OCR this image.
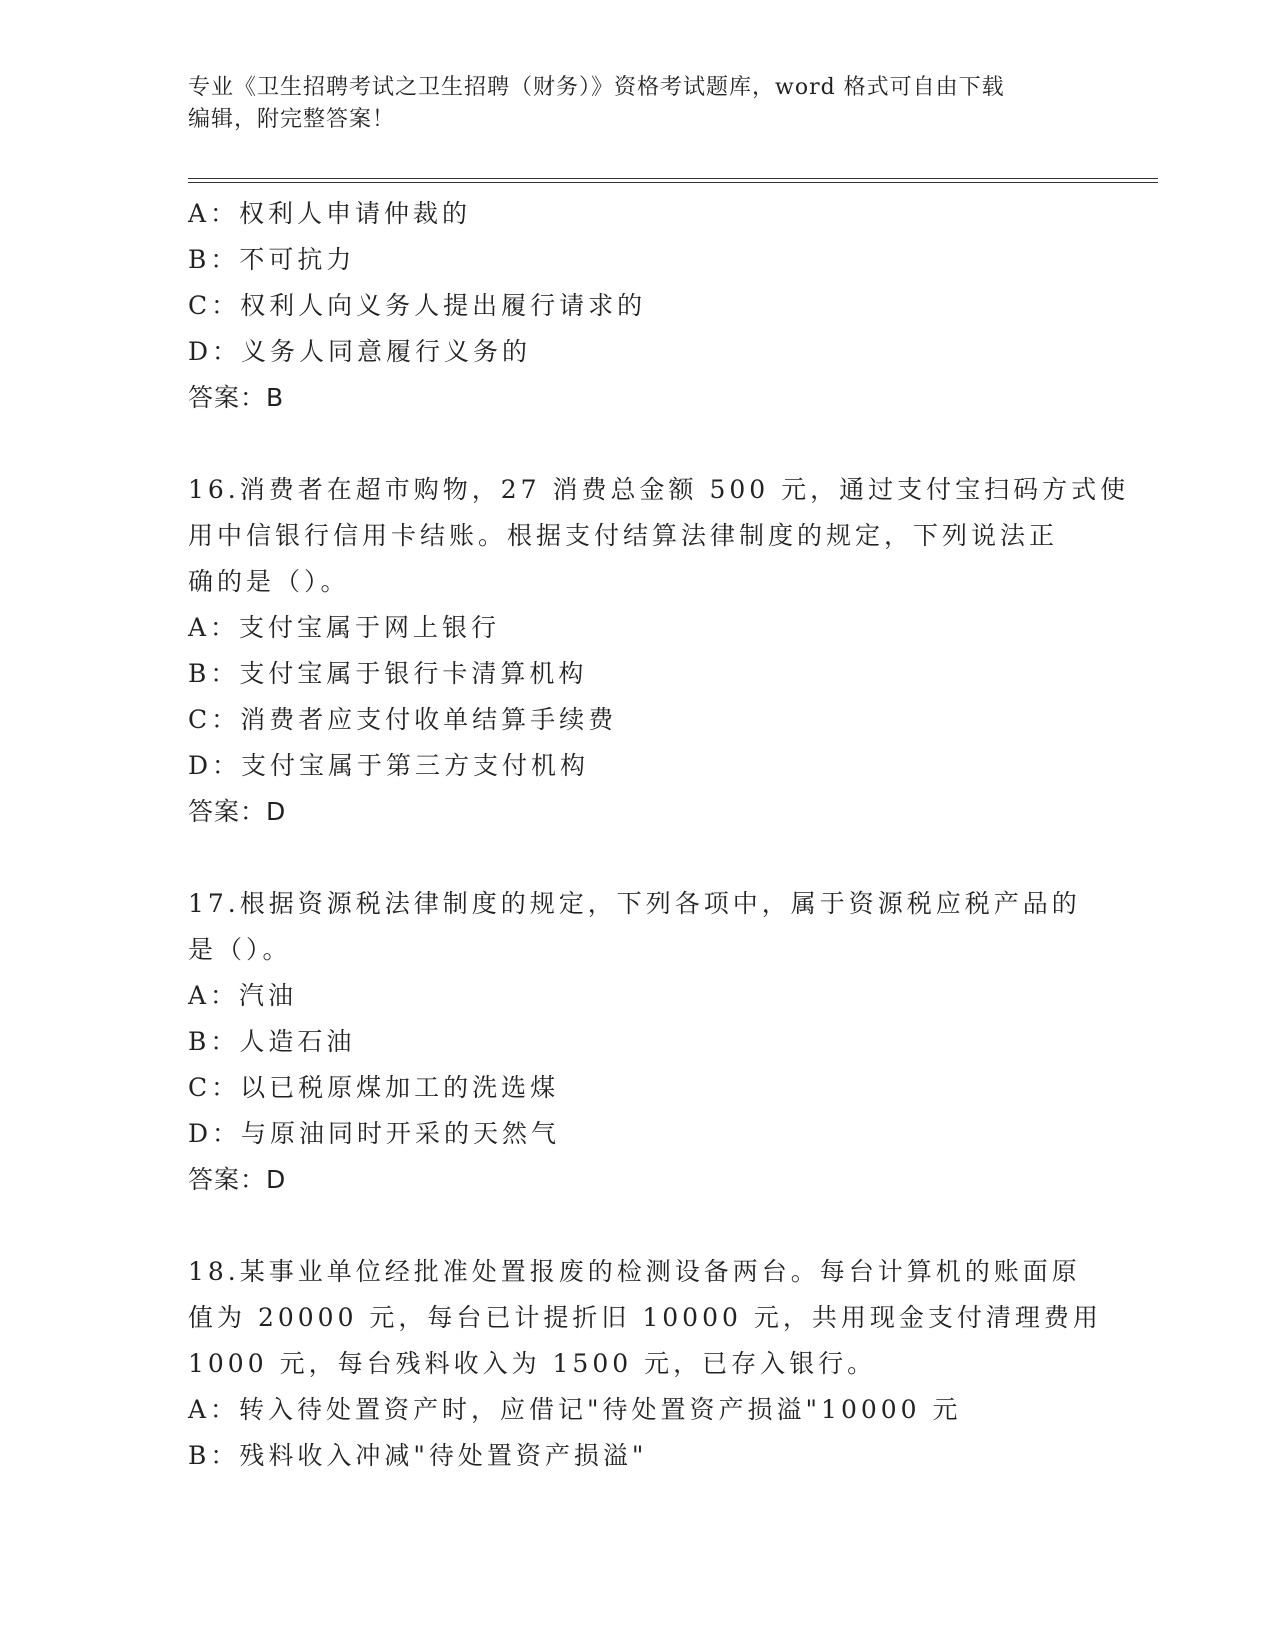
专业《卫生招聘考试之卫生招聘（财务）》资格考试题库，word 格式可自由下载
编辑，附完整答案！
A：权利人申请仲裁的
B：不可抗力
C：权利人向义务人提出履行请求的
D：义务人同意履行义务的
答案：B
16.消费者在超市购物，27 消费总金额 500 元，通过支付宝扫码方式使
用中信银行信用卡结账。根据支付结算法律制度的规定，下列说法正
确的是（）。
A：支付宝属于网上银行
B：支付宝属于银行卡清算机构
C：消费者应支付收单结算手续费
D：支付宝属于第三方支付机构
答案：D
17.根据资源税法律制度的规定，下列各项中，属于资源税应税产品的
是（）。
A：汽油
B：人造石油
C：以已税原煤加工的洗选煤
D：与原油同时开采的天然气
答案：D
18.某事业单位经批准处置报废的检测设备两台。每台计算机的账面原
值为 20000 元，每台已计提折旧 10000 元，共用现金支付清理费用
1000 元，每台残料收入为 1500 元，已存入银行。
A：转入待处置资产时，应借记"待处置资产损溢"10000 元
B：残料收入冲减"待处置资产损溢"
